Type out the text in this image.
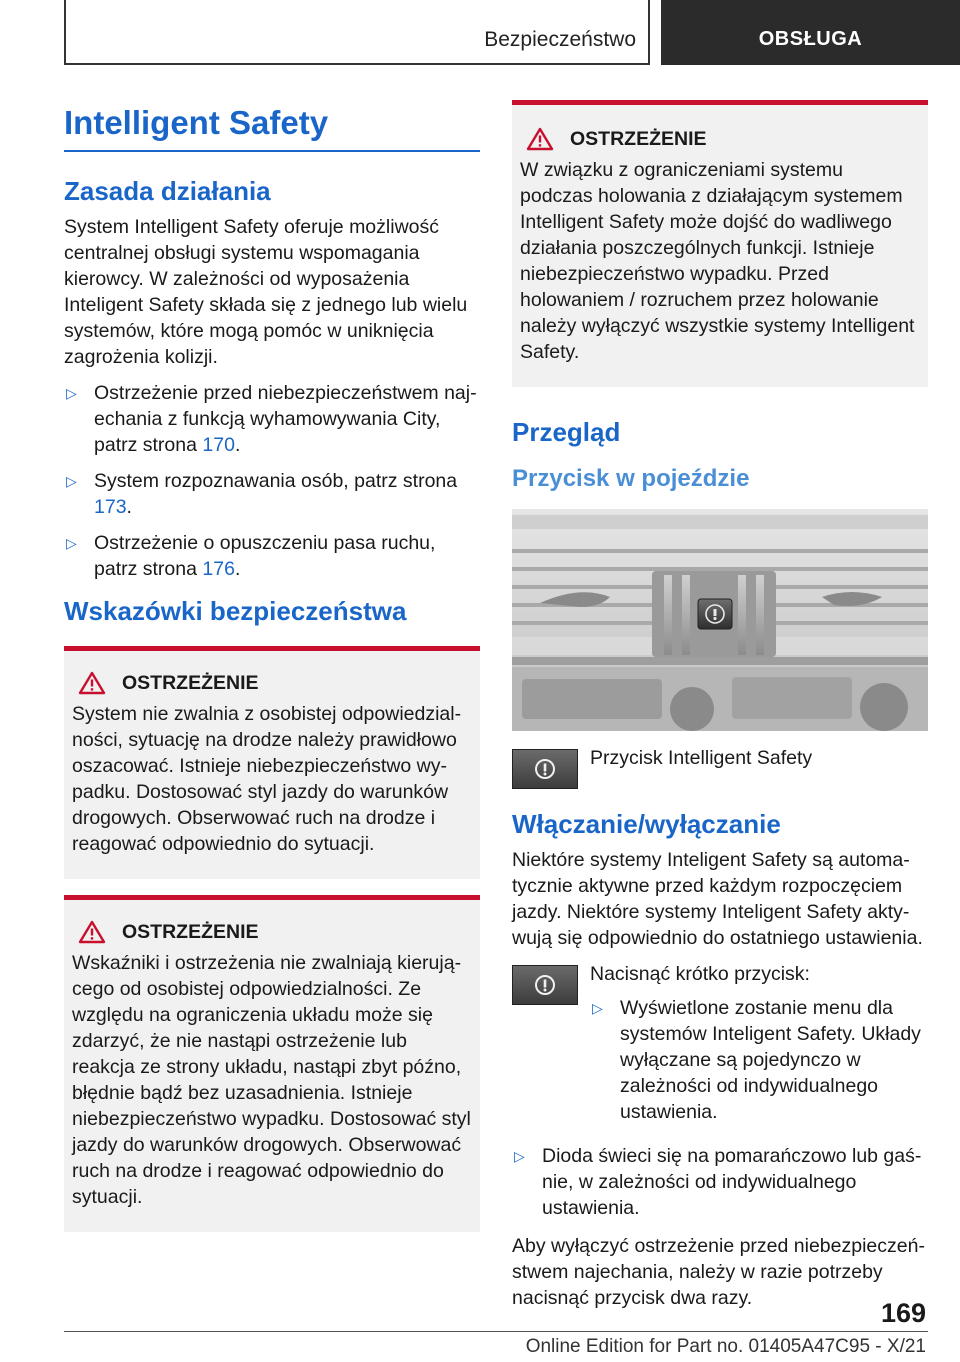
Bezpieczeństwo	OBSŁUGA
Intelligent Safety
Zasada działania

System Intelligent Safety oferuje możliwość centralnej obsługi systemu wspomagania kierowcy. W zależności od wyposażenia Inteligent Safety składa się z jednego lub wielu systemów, które mogą pomóc w uniknięcia zagrożenia kolizji.

▷ Ostrzeżenie przed niebezpieczeństwem najechania z funkcją wyhamowywania City, patrz strona 170.
▷ System rozpoznawania osób, patrz strona 173.
▷ Ostrzeżenie o opuszczeniu pasa ruchu, patrz strona 176.
Wskazówki bezpieczeństwa
OSTRZEŻENIE

System nie zwalnia z osobistej odpowiedzialności, sytuację na drodze należy prawidłowo oszacować. Istnieje niebezpieczeństwo wypadku. Dostosować styl jazdy do warunków drogowych. Obserwować ruch na drodze i reagować odpowiednio do sytuacji.

OSTRZEŻENIE

Wskaźniki i ostrzeżenia nie zwalniają kierującego od osobistej odpowiedzialności. Ze względu na ograniczenia układu może się zdarzyć, że nie nastąpi ostrzeżenie lub reakcja ze strony układu, nastąpi zbyt późno, błędnie bądź bez uzasadnienia. Istnieje niebezpieczeństwo wypadku. Dostosować styl jazdy do warunków drogowych. Obserwować ruch na drodze i reagować odpowiednio do sytuacji.

OSTRZEŻENIE

W związku z ograniczeniami systemu podczas holowania z działającym systemem Intelligent Safety może dojść do wadliwego działania poszczególnych funkcji. Istnieje niebezpieczeństwo wypadku. Przed holowaniem / rozruchem przez holowanie należy wyłączyć wszystkie systemy Intelligent Safety.

Przegląd
Przycisk w pojeździe
Przycisk Intelligent Safety
Włączanie/wyłączanie

Niektóre systemy Inteligent Safety są automatycznie aktywne przed każdym rozpoczęciem jazdy. Niektóre systemy Inteligent Safety aktywują się odpowiednio do ostatniego ustawienia.

Nacisnąć krótko przycisk:
▷ Wyświetlone zostanie menu dla systemów Inteligent Safety. Układy wyłączane są pojedynczo w zależności od indywidualnego ustawienia.
▷ Dioda świeci się na pomarańczowo lub gaśnie, w zależności od indywidualnego ustawienia.

Aby wyłączyć ostrzeżenie przed niebezpieczeństwem najechania, należy w razie potrzeby nacisnąć przycisk dwa razy.	169
Online Edition for Part no. 01405A47C95 - X/21
